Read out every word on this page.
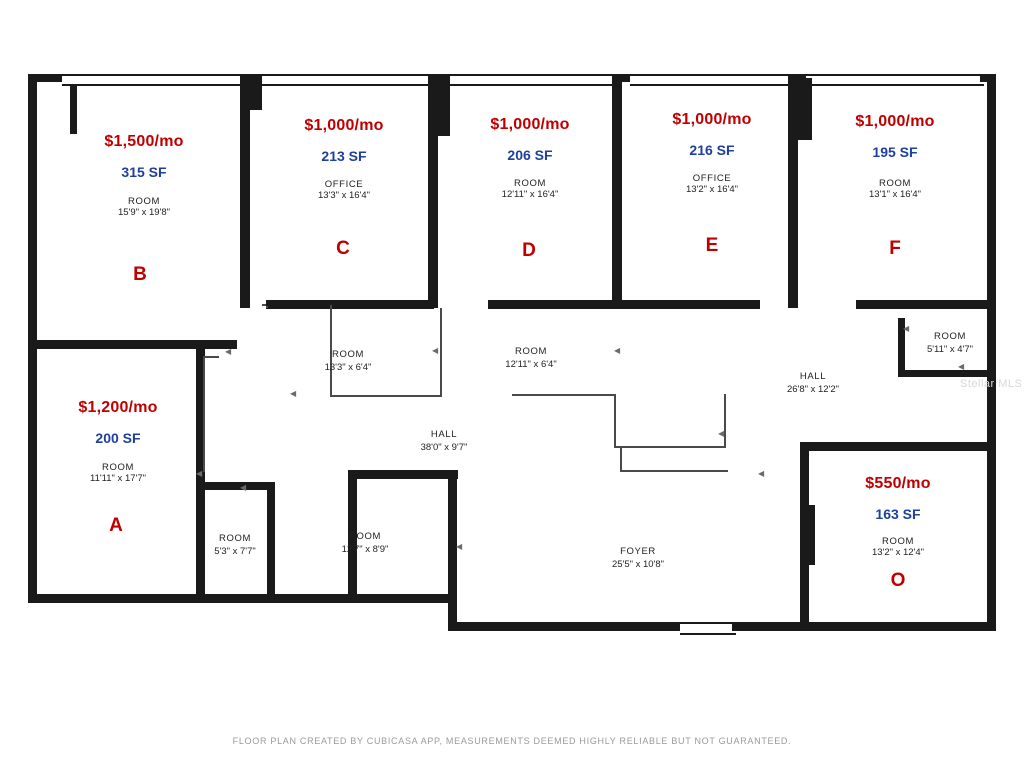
$1,500/mo
315 SF
ROOM
15'9" x 19'8"
B
$1,000/mo
213 SF
OFFICE
13'3" x 16'4"
C
$1,000/mo
206 SF
ROOM
12'11" x 16'4"
D
$1,000/mo
216 SF
OFFICE
13'2" x 16'4"
E
$1,000/mo
195 SF
ROOM
13'1" x 16'4"
F
$1,200/mo
200 SF
ROOM
11'11" x 17'7"
A
$550/mo
163 SF
ROOM
13'2" x 12'4"
O
ROOM
5'11" x 4'7"
ROOM
13'3" x 6'4"
ROOM
12'11" x 6'4"
HALL
26'8" x 12'2"
HALL
38'0" x 9'7"
ROOM
5'3" x 7'7"
ROOM
12'7" x 8'9"	FOYER
25'5" x 10'8"
◀
◀
◀	◀
◀
◀
◀
◀
◀
◀
◀
Stellar MLS
FLOOR PLAN CREATED BY CUBICASA APP, MEASUREMENTS DEEMED HIGHLY RELIABLE BUT NOT GUARANTEED.
